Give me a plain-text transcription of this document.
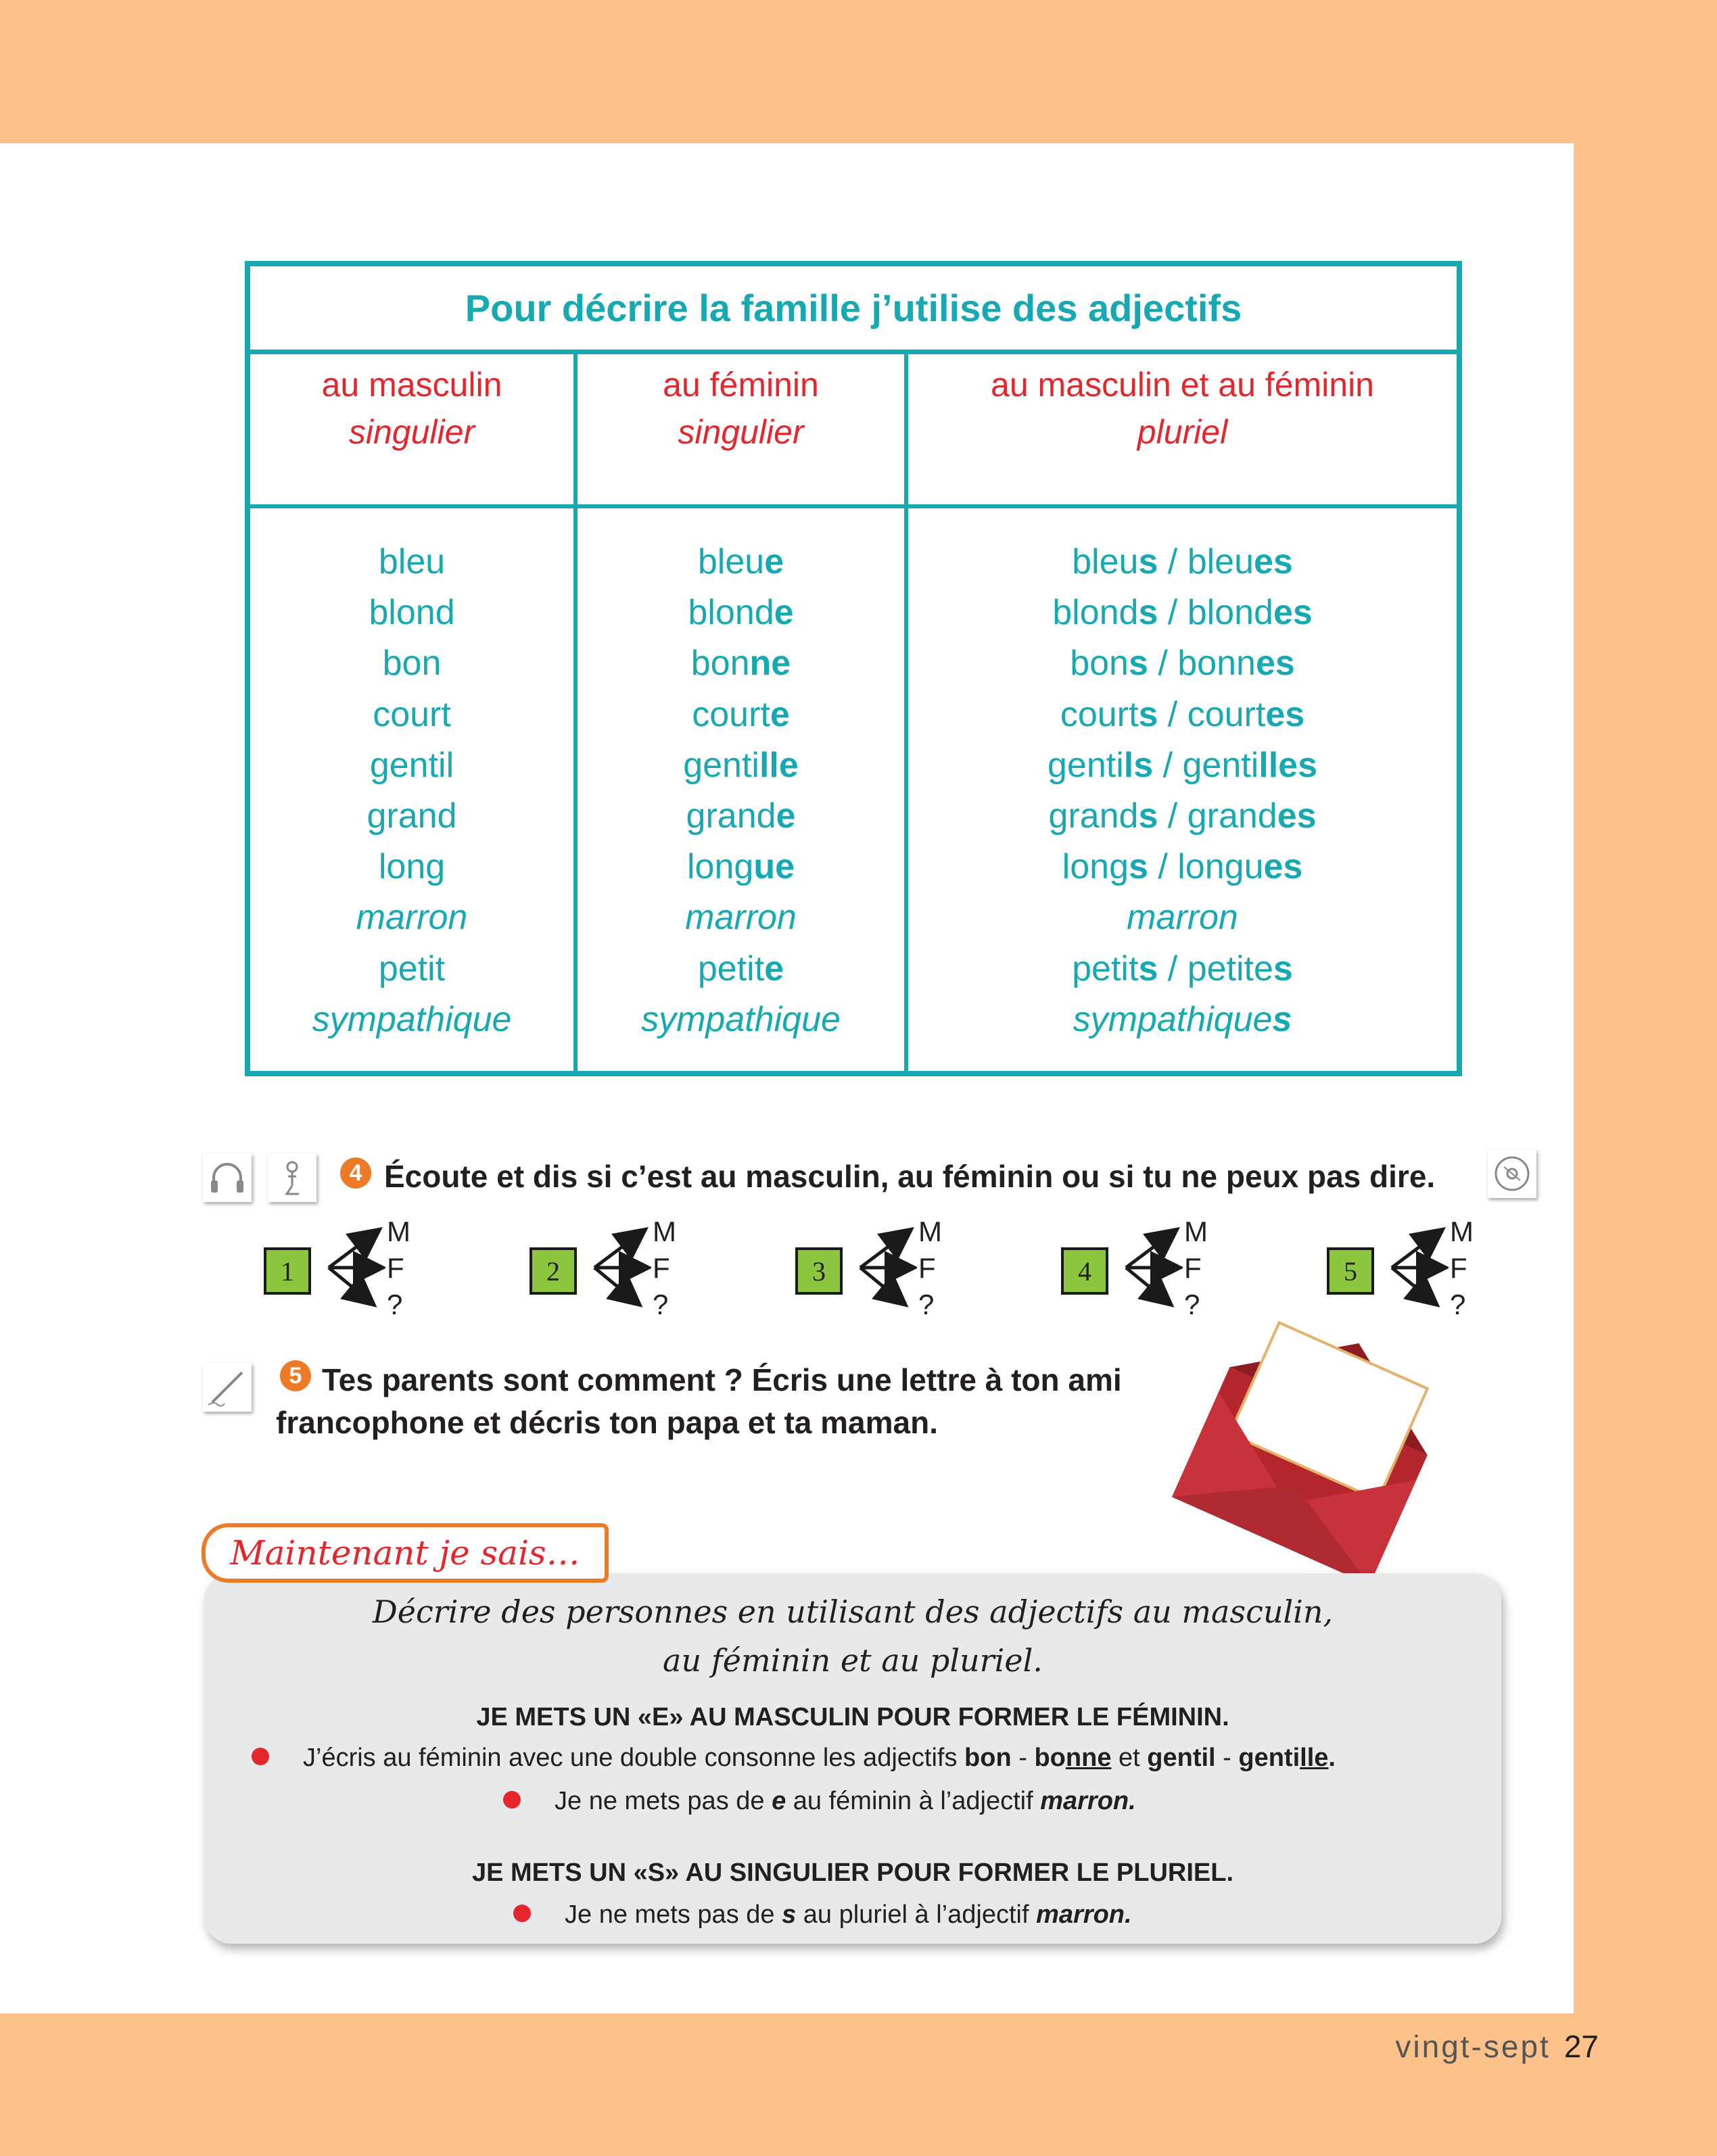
Pour décrire la famille j’utilise des adjectifs
au masculin
singulier
au féminin
singulier
au masculin et au féminin
pluriel
bleu
blond
bon
court
gentil
grand
long
marron
petit
sympathique
bleue
blonde
bonne
courte
gentille
grande
longue
marron
petite
sympathique
bleus / bleues
blonds / blondes
bons / bonnes
courts / courtes
gentils / gentilles
grands / grandes
longs / longues
marron
petits / petites
sympathiques
4 Écoute et dis si c’est au masculin, au féminin ou si tu ne peux pas dire.
1
M
F
?
2
M
F
?
3
M
F
?
4
M
F
?
5
M
F
?
5 Tes parents sont comment ? Écris une lettre à ton ami
francophone et décris ton papa et ta maman.
Décrire des personnes en utilisant des adjectifs au masculin,
au féminin et au pluriel.
JE METS UN «E» AU MASCULIN POUR FORMER LE FÉMININ.
J’écris au féminin avec une double consonne les adjectifs bon - bonne et gentil - gentille.
Je ne mets pas de e au féminin à l’adjectif marron.
JE METS UN «S» AU SINGULIER POUR FORMER LE PLURIEL.
Je ne mets pas de s au pluriel à l’adjectif marron.
Maintenant je sais…
vingt-sept 27
